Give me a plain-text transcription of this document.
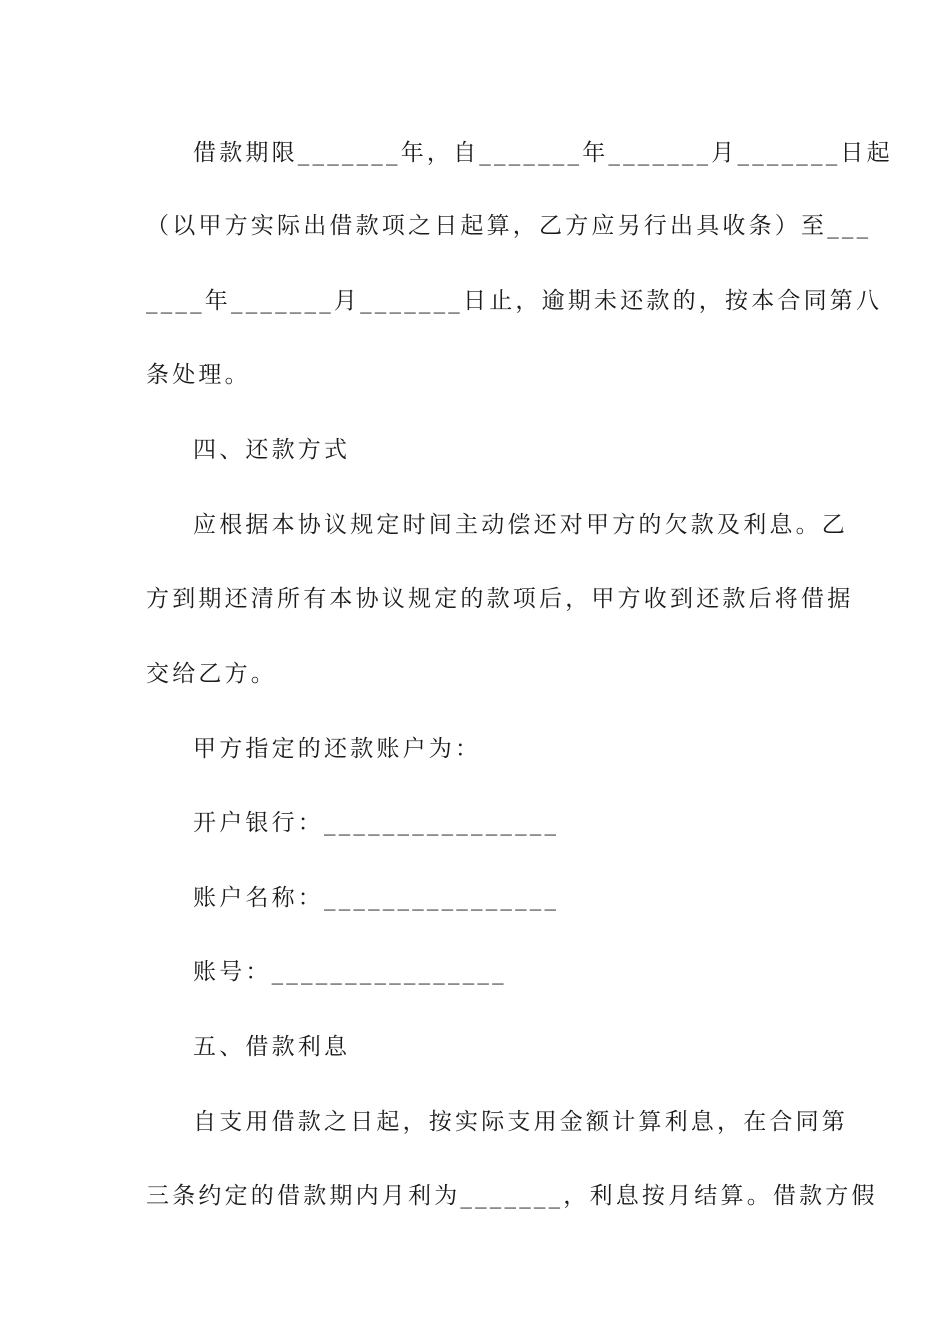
借款期限_______年，自_______年_______月_______日起
（以甲方实际出借款项之日起算，乙方应另行出具收条）至___
____年_______月_______日止，逾期未还款的，按本合同第八
条处理。
四、还款方式
应根据本协议规定时间主动偿还对甲方的欠款及利息。乙
方到期还清所有本协议规定的款项后，甲方收到还款后将借据
交给乙方。
甲方指定的还款账户为：
开户银行：________________
账户名称：________________
账号：________________
五、借款利息
自支用借款之日起，按实际支用金额计算利息，在合同第
三条约定的借款期内月利为_______，利息按月结算。借款方假
